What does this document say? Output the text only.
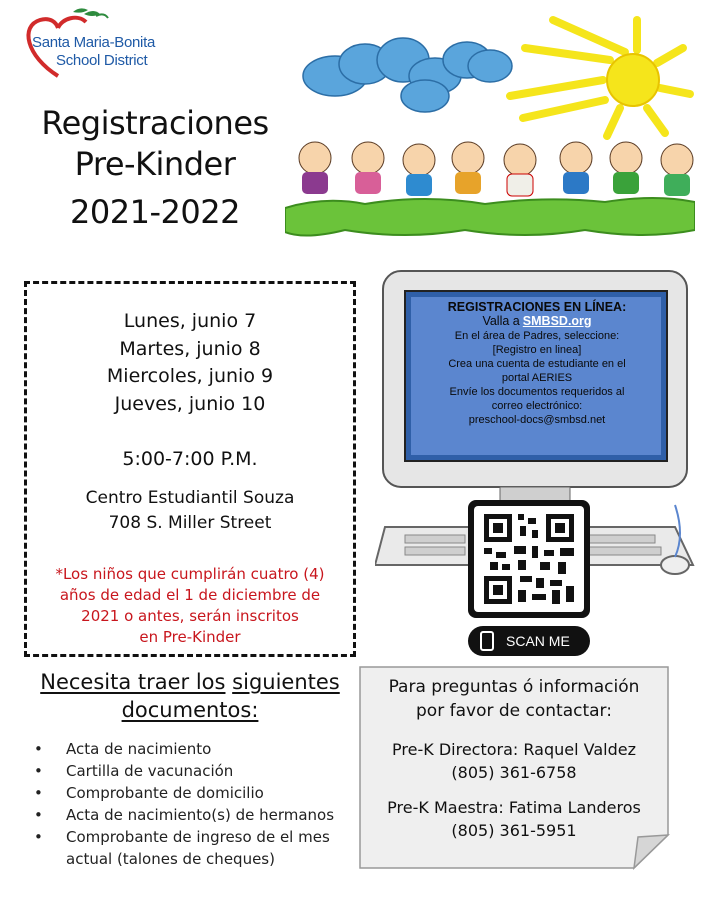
Santa Maria-Bonita
School District
Registraciones
Pre-Kinder
2021-2022
Lunes, junio 7
Martes, junio 8
Miercoles, junio 9
Jueves, junio 10
5:00-7:00 P.M.
Centro Estudiantil Souza
708 S. Miller Street
*Los niños que cumplirán cuatro (4)
años de edad el 1 de diciembre de
2021 o antes, serán inscritos
en Pre-Kinder
REGISTRACIONES EN LÍNEA:
Valla a SMBSD.org
En el área de Padres, seleccione:
[Registro en linea]
Crea una cuenta de estudiante en el
portal AERIES
Envíe los documentos requeridos al
correo electrónico:
preschool-docs@smbsd.net
SCAN ME
Necesita traer los siguientes
documentos:
• Acta de nacimiento
• Cartilla de vacunación
• Comprobante de domicilio
• Acta de nacimiento(s) de hermanos
• Comprobante de ingreso de el mes actual (talones de cheques)
Para preguntas ó información
por favor de contactar:
Pre-K Directora: Raquel Valdez
(805) 361-6758
Pre-K Maestra: Fatima Landeros
(805) 361-5951
